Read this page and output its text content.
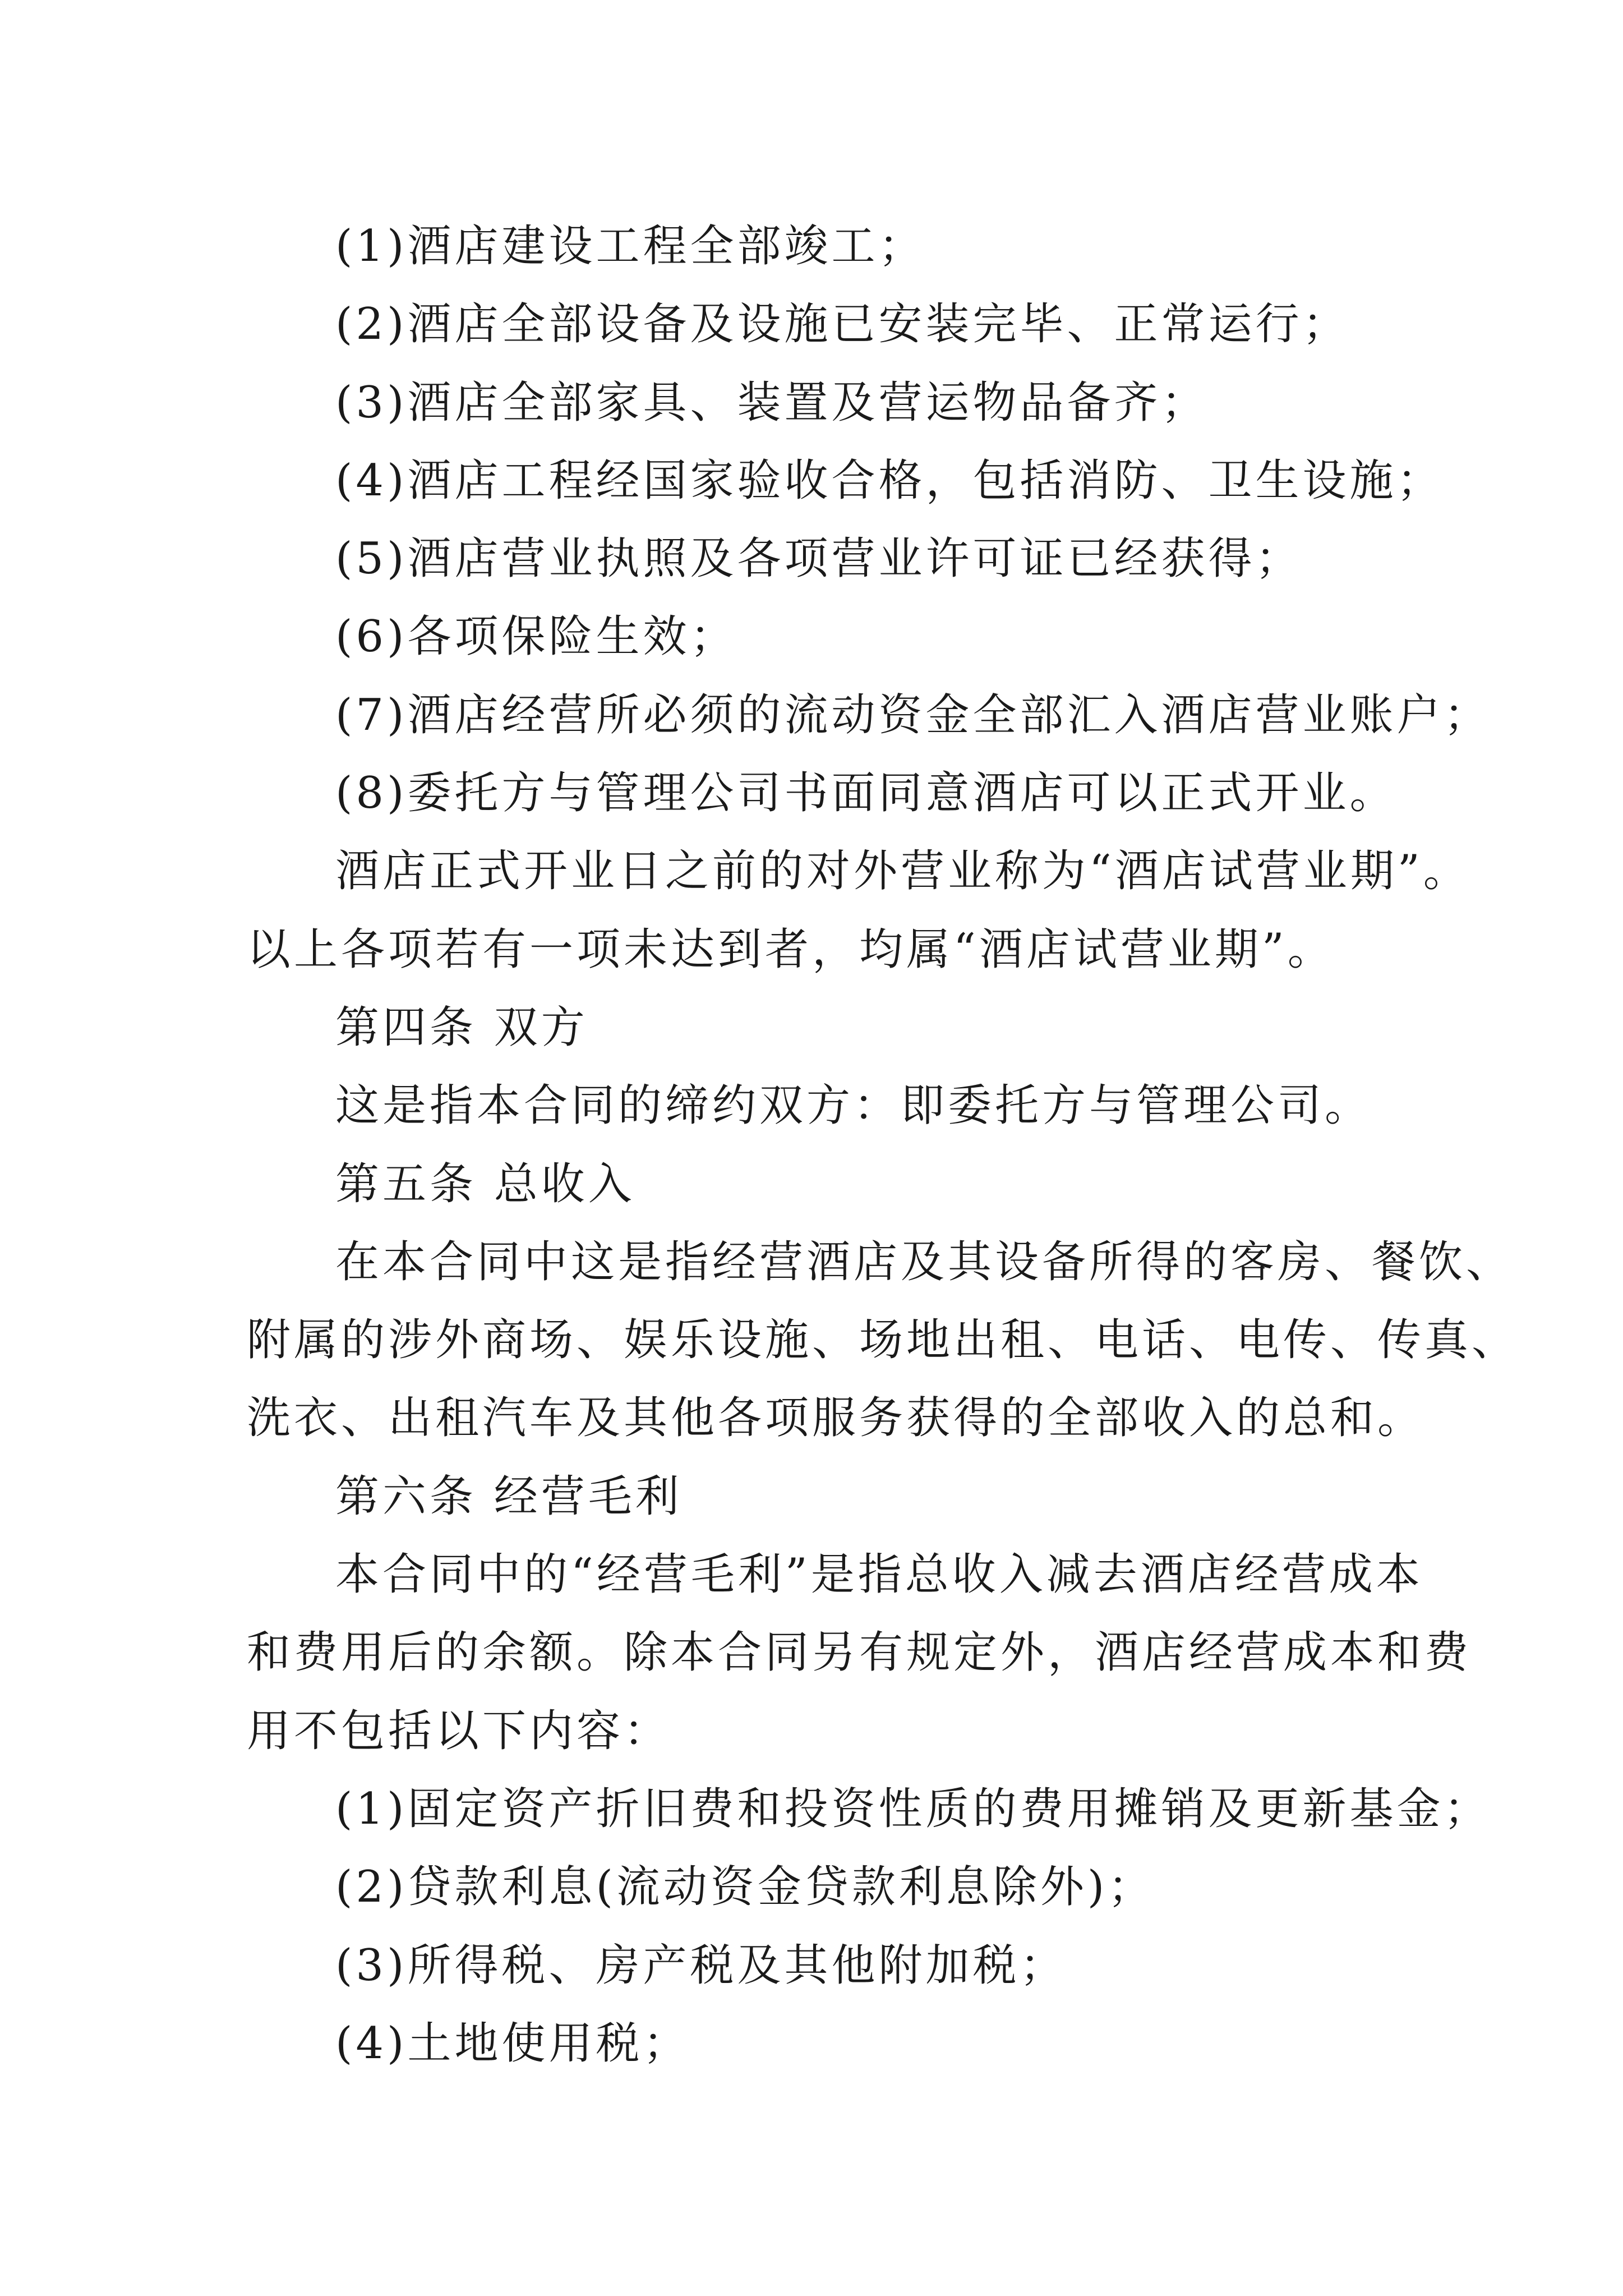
(1)酒店建设工程全部竣工；
(2)酒店全部设备及设施已安装完毕、正常运行；
(3)酒店全部家具、装置及营运物品备齐；
(4)酒店工程经国家验收合格，包括消防、卫生设施；
(5)酒店营业执照及各项营业许可证已经获得；
(6)各项保险生效；
(7)酒店经营所必须的流动资金全部汇入酒店营业账户；
(8)委托方与管理公司书面同意酒店可以正式开业。
酒店正式开业日之前的对外营业称为“酒店试营业期”。
以上各项若有一项未达到者，均属“酒店试营业期”。
第四条 双方
这是指本合同的缔约双方：即委托方与管理公司。
第五条 总收入
在本合同中这是指经营酒店及其设备所得的客房、餐饮、
附属的涉外商场、娱乐设施、场地出租、电话、电传、传真、
洗衣、出租汽车及其他各项服务获得的全部收入的总和。
第六条 经营毛利
本合同中的“经营毛利”是指总收入减去酒店经营成本
和费用后的余额。除本合同另有规定外，酒店经营成本和费
用不包括以下内容：
(1)固定资产折旧费和投资性质的费用摊销及更新基金；
(2)贷款利息(流动资金贷款利息除外)；
(3)所得税、房产税及其他附加税；
(4)土地使用税；
